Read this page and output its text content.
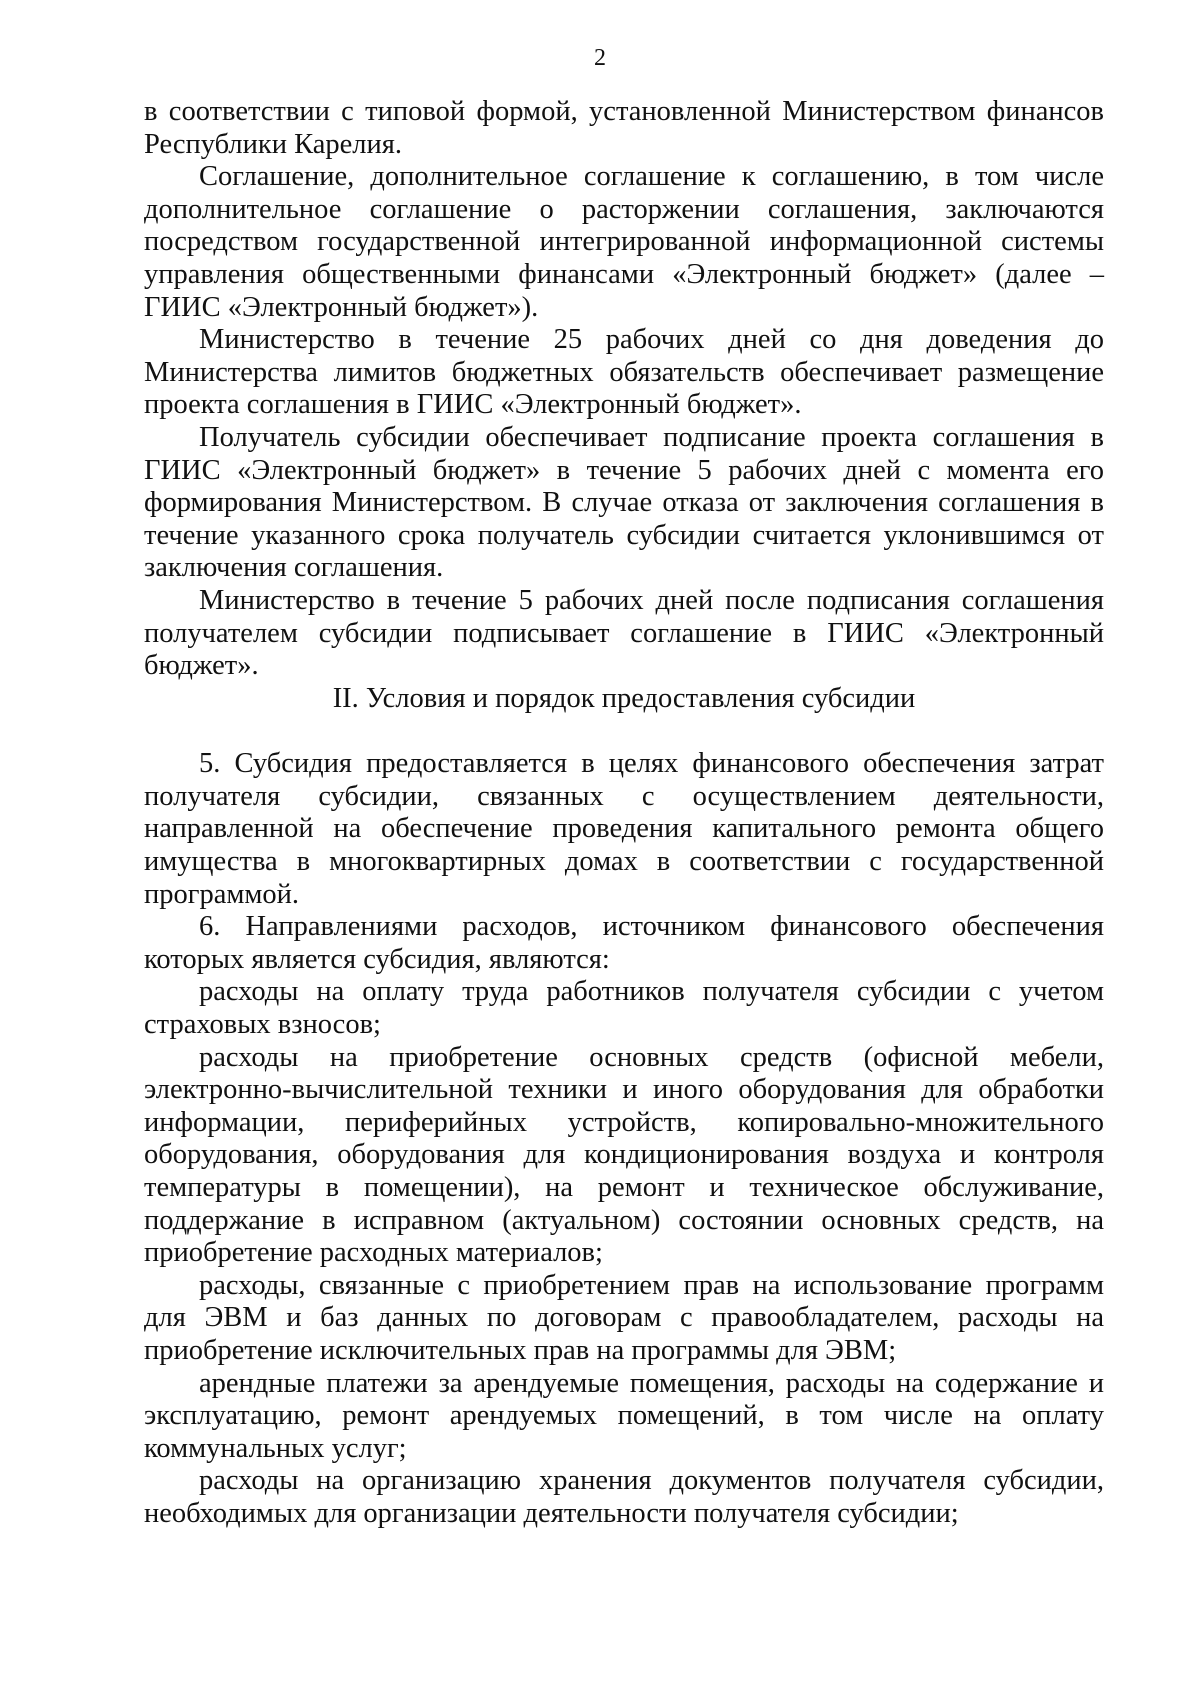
2

в соответствии с типовой формой, установленной Министерством финансов Республики Карелия.

Соглашение, дополнительное соглашение к соглашению, в том числе дополнительное соглашение о расторжении соглашения, заключаются посредством государственной интегрированной информационной системы управления общественными финансами «Электронный бюджет» (далее – ГИИС «Электронный бюджет»).

Министерство в течение 25 рабочих дней со дня доведения до Министерства лимитов бюджетных обязательств обеспечивает размещение проекта соглашения в ГИИС «Электронный бюджет».

Получатель субсидии обеспечивает подписание проекта соглашения в ГИИС «Электронный бюджет» в течение 5 рабочих дней с момента его формирования Министерством. В случае отказа от заключения соглашения в течение указанного срока получатель субсидии считается уклонившимся от заключения соглашения.

Министерство в течение 5 рабочих дней после подписания соглашения получателем субсидии подписывает соглашение в ГИИС «Электронный бюджет».

II. Условия и порядок предоставления субсидии

5. Субсидия предоставляется в целях финансового обеспечения затрат получателя субсидии, связанных с осуществлением деятельности, направленной на обеспечение проведения капитального ремонта общего имущества в многоквартирных домах в соответствии с государственной программой.

6. Направлениями расходов, источником финансового обеспечения которых является субсидия, являются:

расходы на оплату труда работников получателя субсидии с учетом страховых взносов;

расходы на приобретение основных средств (офисной мебели, электронно-вычислительной техники и иного оборудования для обработки информации, периферийных устройств, копировально-множительного оборудования, оборудования для кондиционирования воздуха и контроля температуры в помещении), на ремонт и техническое обслуживание, поддержание в исправном (актуальном) состоянии основных средств, на приобретение расходных материалов;

расходы, связанные с приобретением прав на использование программ для ЭВМ и баз данных по договорам с правообладателем, расходы на приобретение исключительных прав на программы для ЭВМ;

арендные платежи за арендуемые помещения, расходы на содержание и эксплуатацию, ремонт арендуемых помещений, в том числе на оплату коммунальных услуг;

расходы на организацию хранения документов получателя субсидии, необходимых для организации деятельности получателя субсидии;
